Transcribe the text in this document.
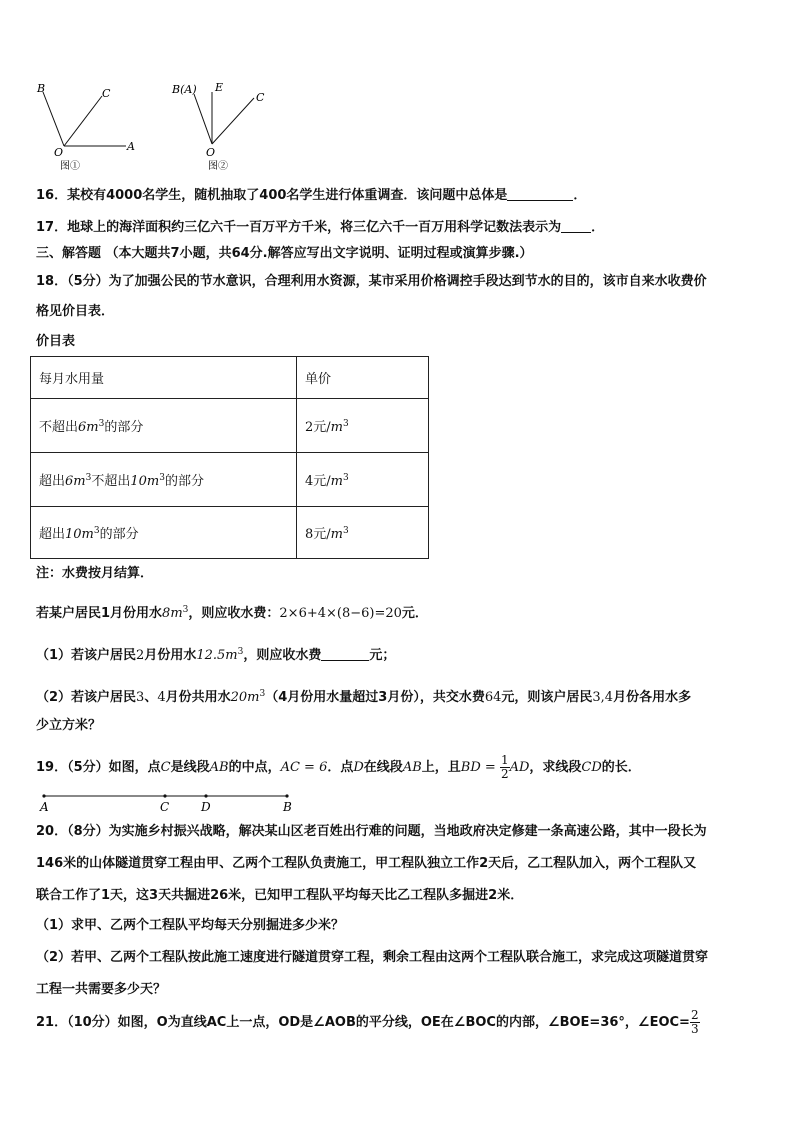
B	C
O	A
图①
B(A) E
C
O
图②
16．某校有4000名学生，随机抽取了400名学生进行体重调查．该问题中总体是	．
17．地球上的海洋面积约三亿六千一百万平方千米，将三亿六千一百万用科学记数法表示为 ．
三、解答题 （本大题共7小题，共64分.解答应写出文字说明、证明过程或演算步骤.）
18．（5分）为了加强公民的节水意识，合理利用水资源，某市采用价格调控手段达到节水的目的，该市自来水收费价
格见价目表．
价目表
每月水用量	单价
不超出$6m^3$的部分	2元$/m^3$
超出$6m^3$不超出$10m^3$的部分	4元$/m^3$
超出$10m^3$的部分	8元$/m^3$
注：水费按月结算．
若某户居民1月份用水$8m^3$，则应收水费：2×6+4×(8−6)=20元．
（1）若该户居民2月份用水$12.5m^3$，则应收水费	元；
（2）若该户居民3、4月份共用水$20m^3(4$月份用水量超过3月份），共交水费64元，则该户居民3,4月份各用水多
少立方米？
19．（5分）如图，点C是线段AB的中点，AC = 6．点D在线段AB上，且BD = $\frac{1}{2}$ AD，求线段CD的长．
A	C	D	B
20．（8分）为实施乡村振兴战略，解决某山区老百姓出行难的问题，当地政府决定修建一条高速公路，其中一段长为
146米的山体隧道贯穿工程由甲、乙两个工程队负责施工，甲工程队独立工作2天后，乙工程队加入，两个工程队又
联合工作了1天，这3天共掘进26米，已知甲工程队平均每天比乙工程队多掘进2米．
（1）求甲、乙两个工程队平均每天分别掘进多少米？
（2）若甲、乙两个工程队按此施工速度进行隧道贯穿工程，剩余工程由这两个工程队联合施工，求完成这项隧道贯穿
工程一共需要多少天？
21．（10分）如图，O为直线AC上一点，OD是∠AOB的平分线，OE在∠BOC的内部，∠BOE=36°，∠EOC= $\frac{2}{3}$
